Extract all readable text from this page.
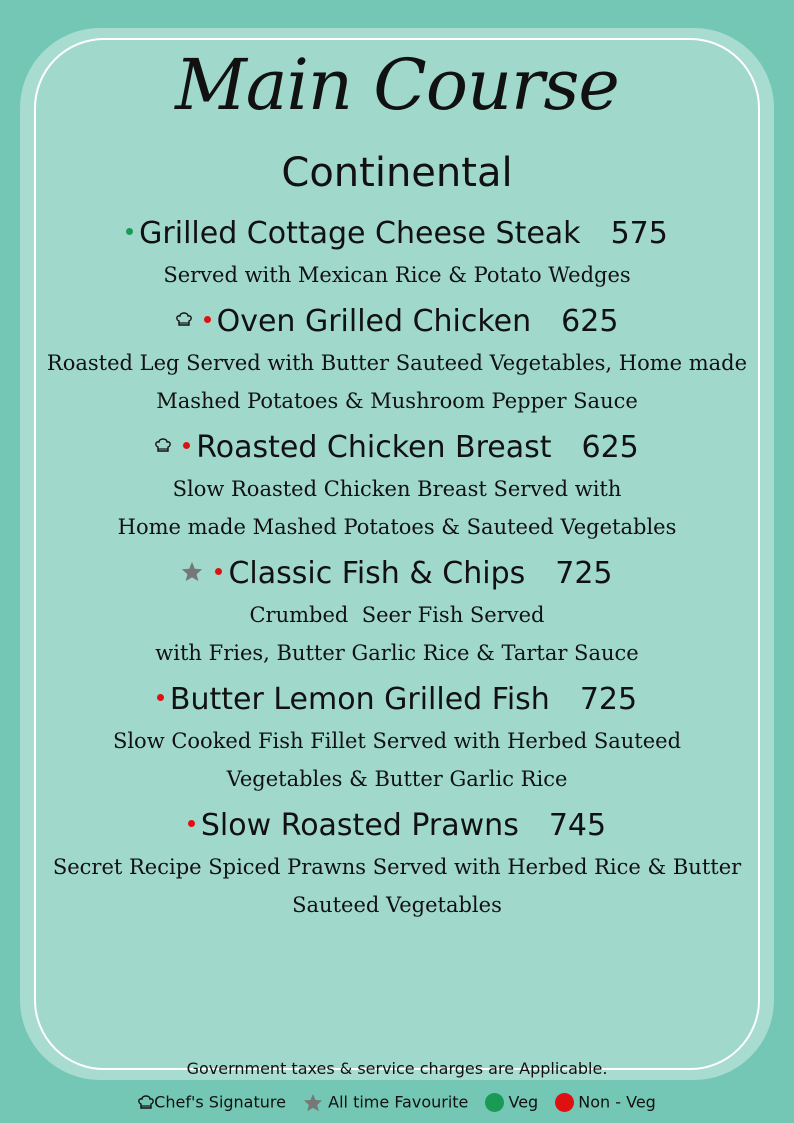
Main Course
Continental
Grilled Cottage Cheese Steak 575
Served with Mexican Rice & Potato Wedges
Oven Grilled Chicken 625
Roasted Leg Served with Butter Sauteed Vegetables, Home made
Mashed Potatoes & Mushroom Pepper Sauce
Roasted Chicken Breast 625
Slow Roasted Chicken Breast Served with
Home made Mashed Potatoes & Sauteed Vegetables
Classic Fish & Chips 725
Crumbed  Seer Fish Served
with Fries, Butter Garlic Rice & Tartar Sauce
Butter Lemon Grilled Fish 725
Slow Cooked Fish Fillet Served with Herbed Sauteed
Vegetables & Butter Garlic Rice
Slow Roasted Prawns 745
Secret Recipe Spiced Prawns Served with Herbed Rice & Butter
Sauteed Vegetables
Government taxes & service charges are Applicable.
Chef's Signature	All time Favourite	Veg	Non - Veg
